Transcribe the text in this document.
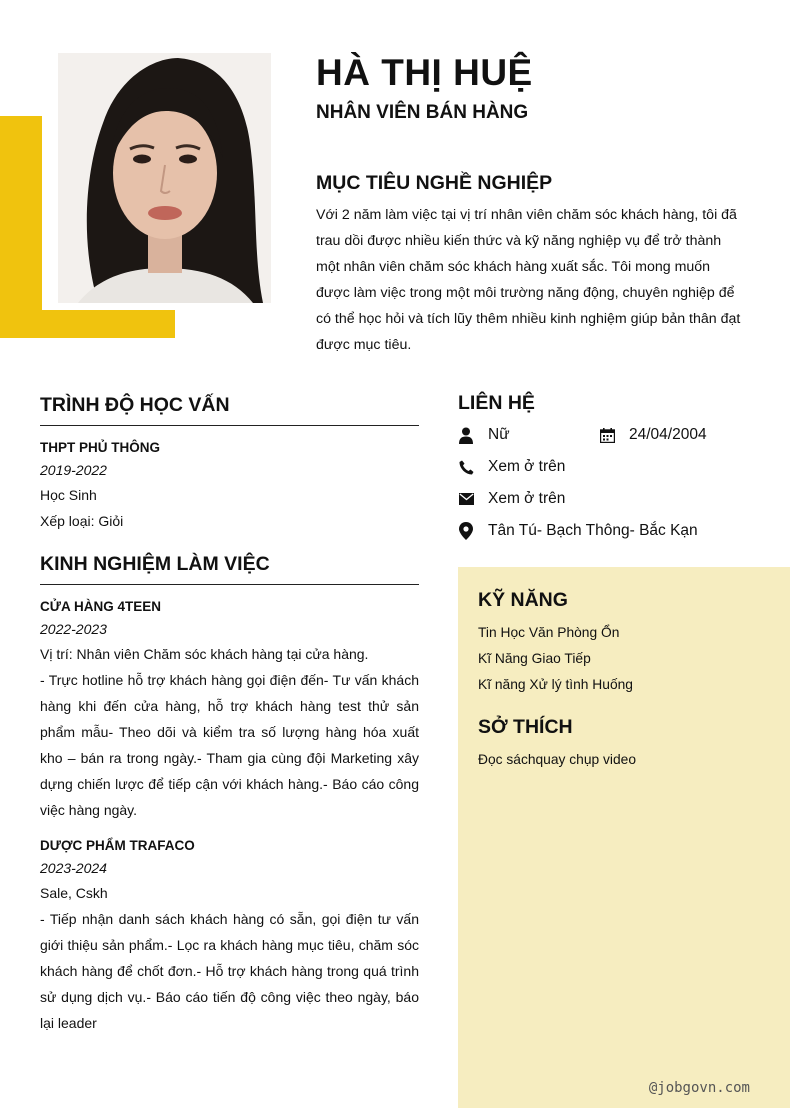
HÀ THỊ HUỆ
NHÂN VIÊN BÁN HÀNG
MỤC TIÊU NGHỀ NGHIỆP
Với 2 năm làm việc tại vị trí nhân viên chăm sóc khách hàng, tôi đã trau dồi được nhiều kiến thức và kỹ năng nghiệp vụ để trở thành một nhân viên chăm sóc khách hàng xuất sắc. Tôi mong muốn được làm việc trong một môi trường năng động, chuyên nghiệp để có thể học hỏi và tích lũy thêm nhiều kinh nghiệm giúp bản thân đạt được mục tiêu.
TRÌNH ĐỘ HỌC VẤN
THPT PHỦ THÔNG
2019-2022
Học Sinh
Xếp loại: Giỏi
KINH NGHIỆM LÀM VIỆC
CỬA HÀNG 4TEEN
2022-2023
Vị trí: Nhân viên Chăm sóc khách hàng tại cửa hàng.
- Trực hotline hỗ trợ khách hàng gọi điện đến- Tư vấn khách hàng khi đến cửa hàng, hỗ trợ khách hàng test thử sản phẩm mẫu- Theo dõi và kiểm tra số lượng hàng hóa xuất kho – bán ra trong ngày.- Tham gia cùng đội Marketing xây dựng chiến lược để tiếp cận với khách hàng.- Báo cáo công việc hàng ngày.
DƯỢC PHẨM TRAFACO
2023-2024
Sale, Cskh
- Tiếp nhận danh sách khách hàng có sẵn, gọi điện tư vấn giới thiệu sản phẩm.- Lọc ra khách hàng mục tiêu, chăm sóc khách hàng để chốt đơn.- Hỗ trợ khách hàng trong quá trình sử dụng dịch vụ.- Báo cáo tiến độ công việc theo ngày, báo lại leader
LIÊN HỆ
Nữ	24/04/2004
Xem ở trên
Xem ở trên
Tân Tú- Bạch Thông- Bắc Kạn
KỸ NĂNG
Tin Học Văn Phòng Ổn
Kĩ Năng Giao Tiếp
Kĩ năng Xử lý tình Huống
SỞ THÍCH
Đọc sáchquay chụp video
@jobgovn.com
